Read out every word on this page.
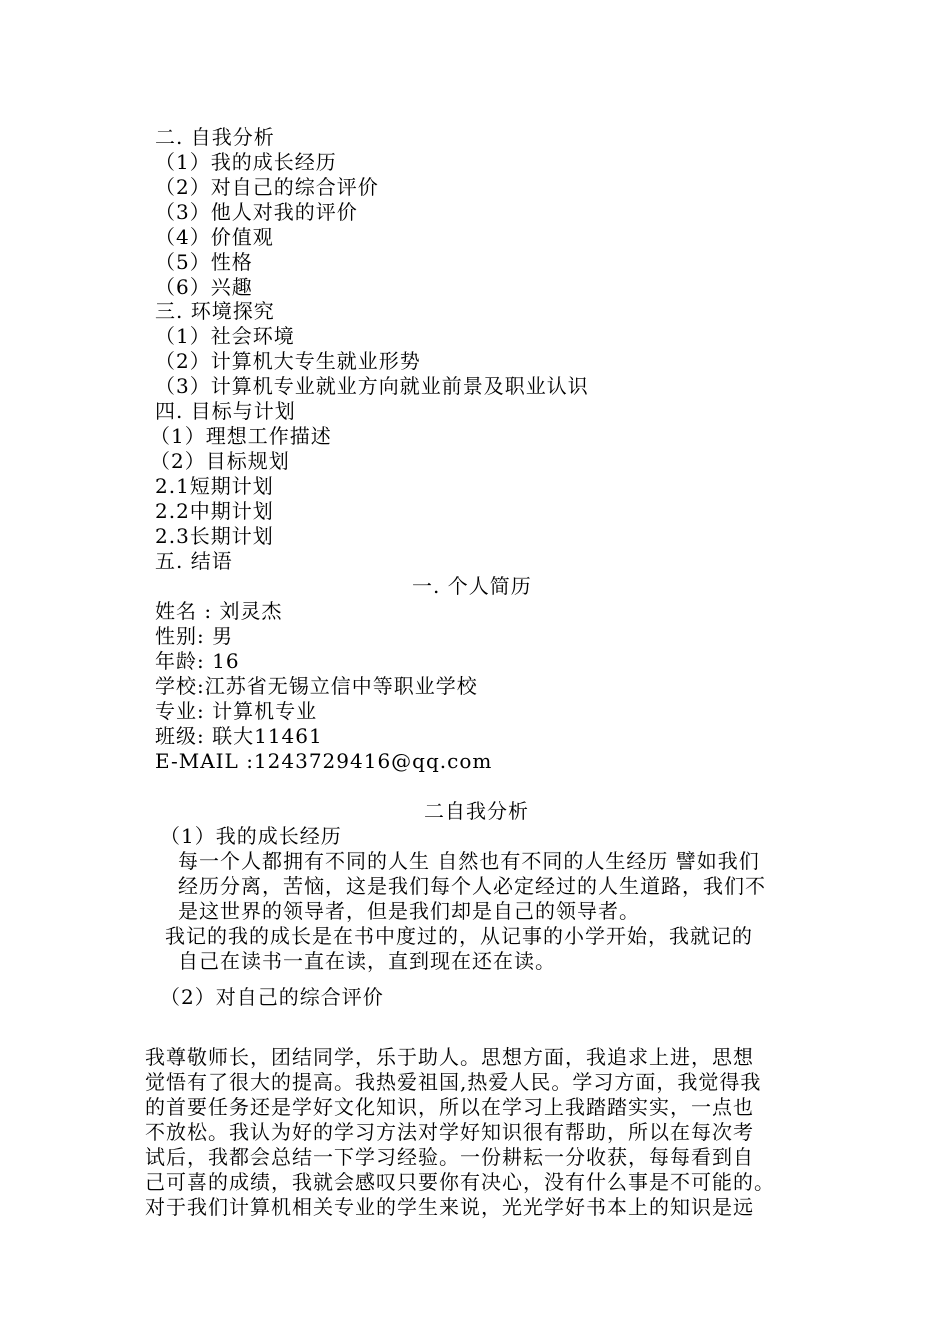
二. 自我分析
（1）我的成长经历
（2）对自己的综合评价
（3）他人对我的评价
（4）价值观
（5）性格
（6）兴趣
三. 环境探究
（1）社会环境
（2）计算机大专生就业形势
（3）计算机专业就业方向就业前景及职业认识
四. 目标与计划
（1）理想工作描述
（2）目标规划
2.1短期计划
2.2中期计划
2.3长期计划
五. 结语
一. 个人简历
姓名 : 刘灵杰
性别: 男
年龄: 16
学校:江苏省无锡立信中等职业学校
专业: 计算机专业
班级: 联大11461
E-MAIL :1243729416@qq.com
二自我分析
（1）我的成长经历
每一个人都拥有不同的人生 自然也有不同的人生经历 譬如我们
经历分离，苦恼，这是我们每个人必定经过的人生道路，我们不
是这世界的领导者，但是我们却是自己的领导者。
我记的我的成长是在书中度过的，从记事的小学开始，我就记的
自己在读书一直在读，直到现在还在读。
（2）对自己的综合评价
我尊敬师长，团结同学，乐于助人。思想方面，我追求上进，思想
觉悟有了很大的提高。我热爱祖国,热爱人民。学习方面，我觉得我
的首要任务还是学好文化知识，所以在学习上我踏踏实实，一点也
不放松。我认为好的学习方法对学好知识很有帮助，所以在每次考
试后，我都会总结一下学习经验。一份耕耘一分收获，每每看到自
己可喜的成绩，我就会感叹只要你有决心，没有什么事是不可能的。
对于我们计算机相关专业的学生来说，光光学好书本上的知识是远
